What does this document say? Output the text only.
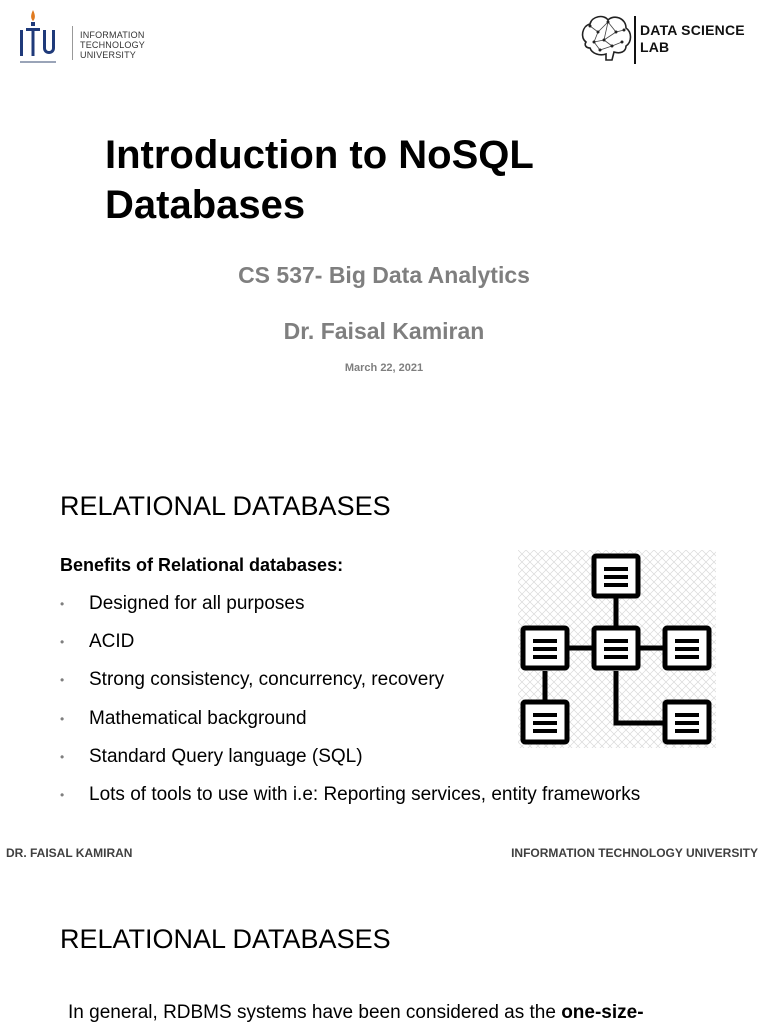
INFORMATION
TECHNOLOGY
UNIVERSITY
DATA SCIENCE
LAB
Introduction to NoSQL
Databases
CS 537- Big Data Analytics
Dr. Faisal Kamiran
March 22, 2021
RELATIONAL DATABASES
Benefits of Relational databases:
• Designed for all purposes
• ACID
• Strong consistency, concurrency, recovery
• Mathematical background
• Standard Query language (SQL)
• Lots of tools to use with i.e: Reporting services, entity frameworks
DR. FAISAL KAMIRAN	INFORMATION TECHNOLOGY UNIVERSITY
RELATIONAL DATABASES
In general, RDBMS systems have been considered as the one-size-
